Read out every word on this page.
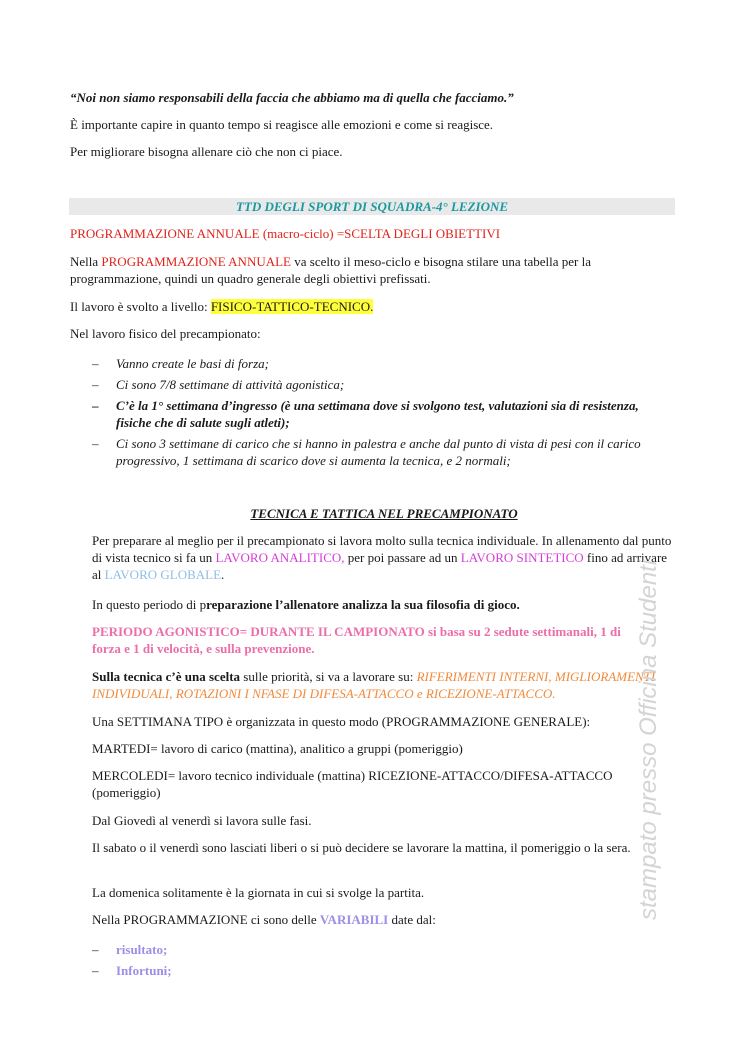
“Noi non siamo responsabili della faccia che abbiamo ma di quella che facciamo.”

È importante capire in quanto tempo si reagisce alle emozioni e come si reagisce.

Per migliorare bisogna allenare ciò che non ci piace.

TTD DEGLI SPORT DI SQUADRA-4° LEZIONE

PROGRAMMAZIONE ANNUALE (macro-ciclo) =SCELTA DEGLI OBIETTIVI

Nella PROGRAMMAZIONE ANNUALE va scelto il meso-ciclo e bisogna stilare una tabella per la programmazione, quindi un quadro generale degli obiettivi prefissati.

Il lavoro è svolto a livello: FISICO-TATTICO-TECNICO.

Nel lavoro fisico del precampionato:

– Vanno create le basi di forza;
– Ci sono 7/8 settimane di attività agonistica;
– C’è la 1° settimana d’ingresso (è una settimana dove si svolgono test, valutazioni sia di resistenza, fisiche che di salute sugli atleti);
– Ci sono 3 settimane di carico che si hanno in palestra e anche dal punto di vista di pesi con il carico progressivo, 1 settimana di scarico dove si aumenta la tecnica, e 2 normali;

TECNICA E TATTICA NEL PRECAMPIONATO

Per preparare al meglio per il precampionato si lavora molto sulla tecnica individuale. In allenamento dal punto di vista tecnico si fa un LAVORO ANALITICO, per poi passare ad un LAVORO SINTETICO fino ad arrivare al LAVORO GLOBALE.

In questo periodo di preparazione l’allenatore analizza la sua filosofia di gioco.

PERIODO AGONISTICO= DURANTE IL CAMPIONATO si basa su 2 sedute settimanali, 1 di forza e 1 di velocità, e sulla prevenzione.

Sulla tecnica c’è una scelta sulle priorità, si va a lavorare su: RIFERIMENTI INTERNI, MIGLIORAMENTI INDIVIDUALI, ROTAZIONI I NFASE DI DIFESA-ATTACCO e RICEZIONE-ATTACCO.

Una SETTIMANA TIPO è organizzata in questo modo (PROGRAMMAZIONE GENERALE):

MARTEDI= lavoro di carico (mattina), analitico a gruppi (pomeriggio)

MERCOLEDI= lavoro tecnico individuale (mattina) RICEZIONE-ATTACCO/DIFESA-ATTACCO (pomeriggio)

Dal Giovedì al venerdì si lavora sulle fasi.

Il sabato o il venerdì sono lasciati liberi o si può decidere se lavorare la mattina, il pomeriggio o la sera.

La domenica solitamente è la giornata in cui si svolge la partita.

Nella PROGRAMMAZIONE ci sono delle VARIABILI date dal:

– risultato;
– Infortuni;
stampato presso Officina Studenti
